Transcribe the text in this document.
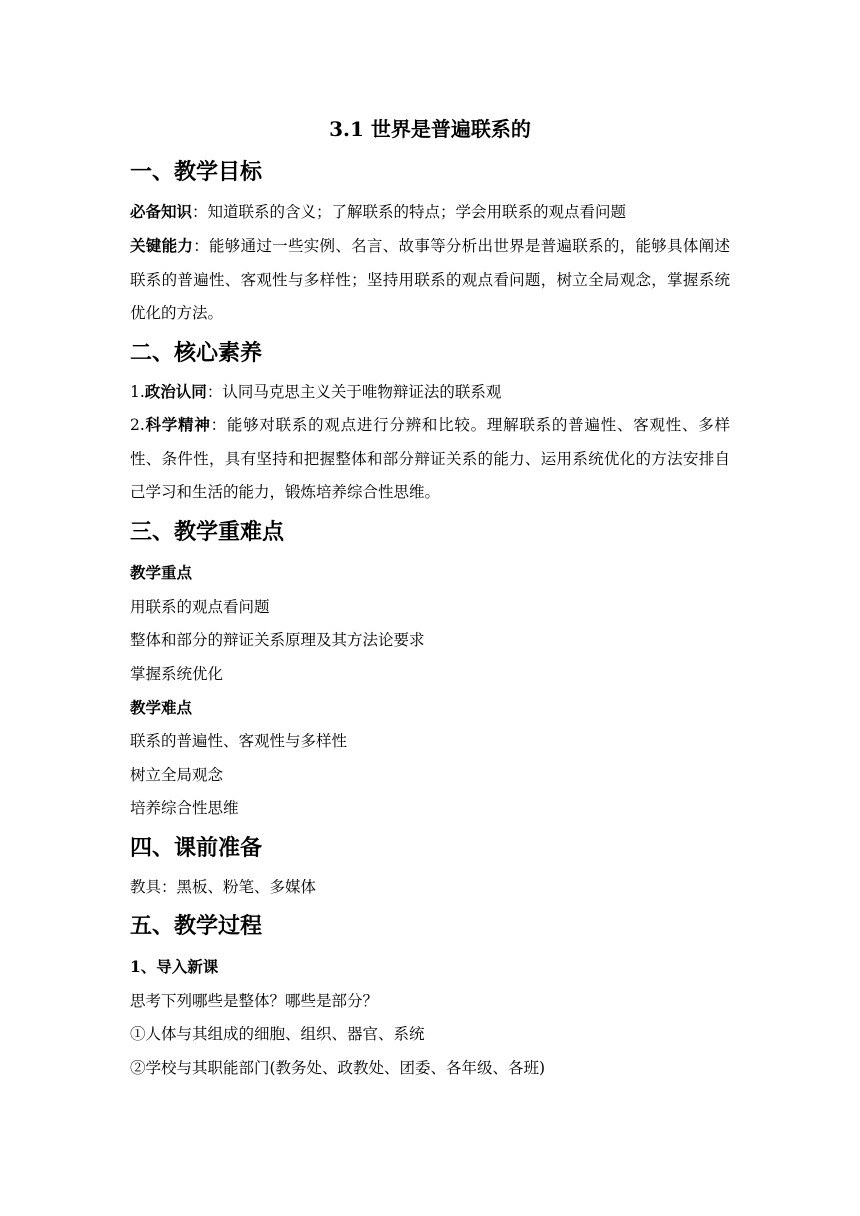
3.1 世界是普遍联系的
一、教学目标
必备知识：知道联系的含义；了解联系的特点；学会用联系的观点看问题
关键能力：能够通过一些实例、名言、故事等分析出世界是普遍联系的，能够具体阐述联系的普遍性、客观性与多样性；坚持用联系的观点看问题，树立全局观念，掌握系统优化的方法。
二、核心素养
1.政治认同：认同马克思主义关于唯物辩证法的联系观
2.科学精神：能够对联系的观点进行分辨和比较。理解联系的普遍性、客观性、多样性、条件性，具有坚持和把握整体和部分辩证关系的能力、运用系统优化的方法安排自己学习和生活的能力，锻炼培养综合性思维。
三、教学重难点
教学重点
用联系的观点看问题
整体和部分的辩证关系原理及其方法论要求
掌握系统优化
教学难点
联系的普遍性、客观性与多样性
树立全局观念
培养综合性思维
四、课前准备
教具：黑板、粉笔、多媒体
五、教学过程
1、导入新课
思考下列哪些是整体？哪些是部分？
①人体与其组成的细胞、组织、器官、系统
②学校与其职能部门(教务处、政教处、团委、各年级、各班)
